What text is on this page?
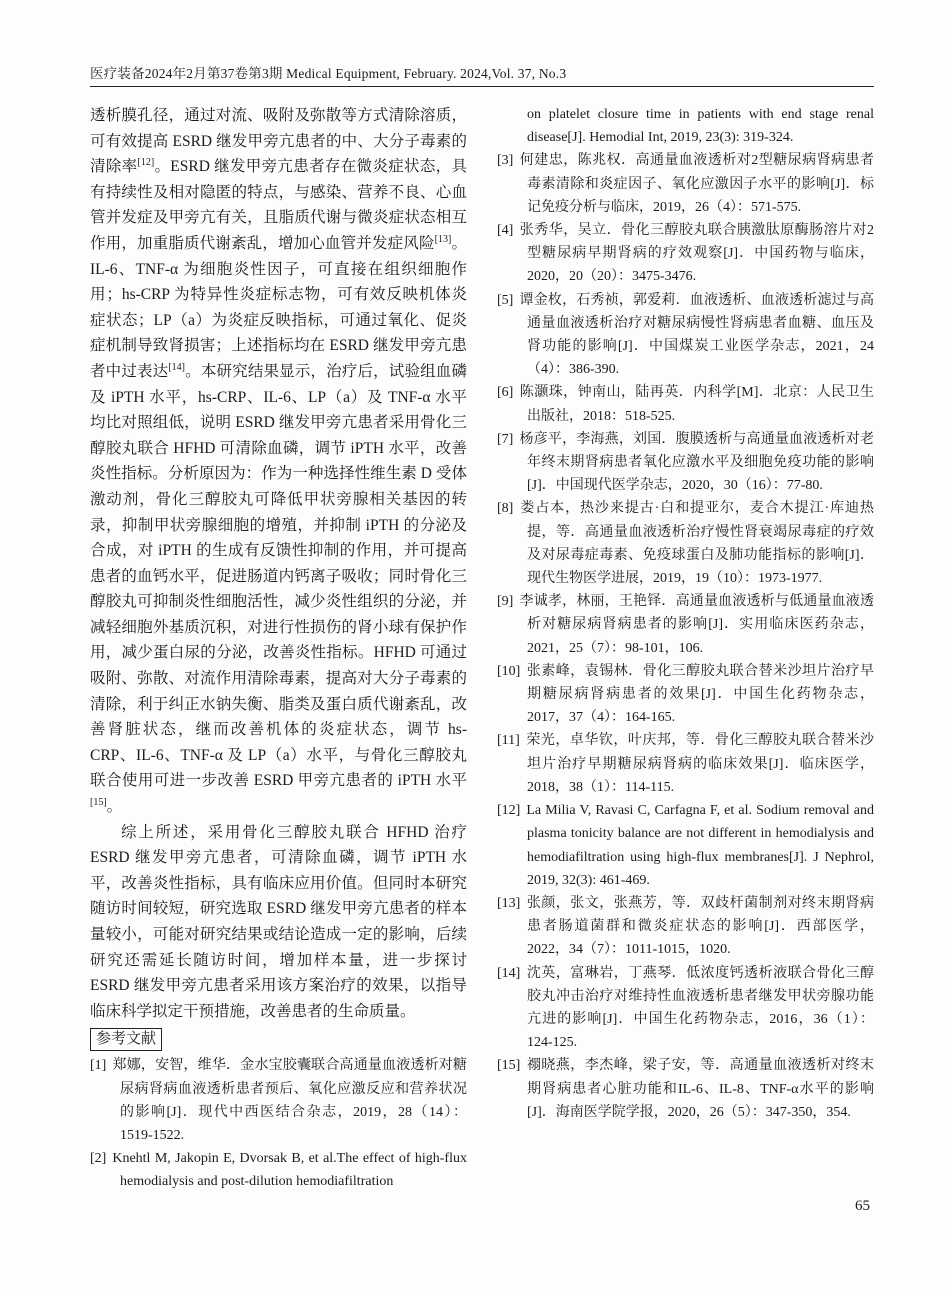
医疗装备2024年2月第37卷第3期 Medical Equipment, February. 2024,Vol. 37, No.3

透析膜孔径，通过对流、吸附及弥散等方式清除溶质，可有效提高 ESRD 继发甲旁亢患者的中、大分子毒素的清除率[12]。ESRD 继发甲旁亢患者存在微炎症状态，具有持续性及相对隐匿的特点，与感染、营养不良、心血管并发症及甲旁亢有关，且脂质代谢与微炎症状态相互作用，加重脂质代谢紊乱，增加心血管并发症风险[13]。IL-6、TNF-α 为细胞炎性因子，可直接在组织细胞作用；hs-CRP 为特异性炎症标志物，可有效反映机体炎症状态；LP（a）为炎症反映指标，可通过氧化、促炎症机制导致肾损害；上述指标均在 ESRD 继发甲旁亢患者中过表达[14]。本研究结果显示，治疗后，试验组血磷及 iPTH 水平，hs-CRP、IL-6、LP（a）及 TNF-α 水平均比对照组低，说明 ESRD 继发甲旁亢患者采用骨化三醇胶丸联合 HFHD 可清除血磷，调节 iPTH 水平，改善炎性指标。分析原因为：作为一种选择性维生素 D 受体激动剂，骨化三醇胶丸可降低甲状旁腺相关基因的转录，抑制甲状旁腺细胞的增殖，并抑制 iPTH 的分泌及合成，对 iPTH 的生成有反馈性抑制的作用，并可提高患者的血钙水平，促进肠道内钙离子吸收；同时骨化三醇胶丸可抑制炎性细胞活性，减少炎性组织的分泌，并减轻细胞外基质沉积，对进行性损伤的肾小球有保护作用，减少蛋白尿的分泌，改善炎性指标。HFHD 可通过吸附、弥散、对流作用清除毒素，提高对大分子毒素的清除，利于纠正水钠失衡、脂类及蛋白质代谢紊乱，改善肾脏状态，继而改善机体的炎症状态，调节 hs-CRP、IL-6、TNF-α 及 LP（a）水平，与骨化三醇胶丸联合使用可进一步改善 ESRD 甲旁亢患者的 iPTH 水平[15]。

综上所述，采用骨化三醇胶丸联合 HFHD 治疗 ESRD 继发甲旁亢患者，可清除血磷，调节 iPTH 水平，改善炎性指标，具有临床应用价值。但同时本研究随访时间较短，研究选取 ESRD 继发甲旁亢患者的样本量较小，可能对研究结果或结论造成一定的影响，后续研究还需延长随访时间，增加样本量，进一步探讨 ESRD 继发甲旁亢患者采用该方案治疗的效果，以指导临床科学拟定干预措施，改善患者的生命质量。

参考文献
[1] 郑娜，安智，维华．金水宝胶囊联合高通量血液透析对糖尿病肾病血液透析患者预后、氧化应激反应和营养状况的影响[J]．现代中西医结合杂志，2019，28（14）：1519-1522.
[2] Knehtl M, Jakopin E, Dvorsak B, et al.The effect of high-flux hemodialysis and post-dilution hemodiafiltration
on platelet closure time in patients with end stage renal disease[J]. Hemodial Int, 2019, 23(3): 319-324.
[3] 何建忠，陈兆权．高通量血液透析对2型糖尿病肾病患者毒素清除和炎症因子、氧化应激因子水平的影响[J]．标记免疫分析与临床，2019，26（4）：571-575.
[4] 张秀华，吴立．骨化三醇胶丸联合胰激肽原酶肠溶片对2型糖尿病早期肾病的疗效观察[J]．中国药物与临床，2020，20（20）：3475-3476.
[5] 谭金枚，石秀祯，郭爱莉．血液透析、血液透析滤过与高通量血液透析治疗对糖尿病慢性肾病患者血糖、血压及肾功能的影响[J]．中国煤炭工业医学杂志，2021，24（4）：386-390.
[6] 陈灏珠，钟南山，陆再英．内科学[M]．北京：人民卫生出版社，2018：518-525.
[7] 杨彦平，李海燕，刘国．腹膜透析与高通量血液透析对老年终末期肾病患者氧化应激水平及细胞免疫功能的影响[J]．中国现代医学杂志，2020，30（16）：77-80.
[8] 娄占本，热沙来提古·白和提亚尔，麦合木提江·库迪热提，等．高通量血液透析治疗慢性肾衰竭尿毒症的疗效及对尿毒症毒素、免疫球蛋白及肺功能指标的影响[J]．现代生物医学进展，2019，19（10）：1973-1977.
[9] 李诚孝，林丽，王艳铎．高通量血液透析与低通量血液透析对糖尿病肾病患者的影响[J]．实用临床医药杂志，2021，25（7）：98-101，106.
[10] 张素峰，袁锡林．骨化三醇胶丸联合替米沙坦片治疗早期糖尿病肾病患者的效果[J]．中国生化药物杂志，2017，37（4）：164-165.
[11] 荣光，卓华钦，叶庆邦，等．骨化三醇胶丸联合替米沙坦片治疗早期糖尿病肾病的临床效果[J]．临床医学，2018，38（1）：114-115.
[12] La Milia V, Ravasi C, Carfagna F, et al. Sodium removal and plasma tonicity balance are not different in hemodialysis and hemodiafiltration using high-flux membranes[J]. J Nephrol, 2019, 32(3): 461-469.
[13] 张颜，张文，张燕芳，等．双歧杆菌制剂对终末期肾病患者肠道菌群和微炎症状态的影响[J]．西部医学，2022，34（7）：1011-1015，1020.
[14] 沈英，富琳岩，丁燕琴．低浓度钙透析液联合骨化三醇胶丸冲击治疗对维持性血液透析患者继发甲状旁腺功能亢进的影响[J]．中国生化药物杂志，2016，36（1）：124-125.
[15] 禤晓燕，李杰峰，梁子安，等．高通量血液透析对终末期肾病患者心脏功能和IL-6、IL-8、TNF-α水平的影响[J]．海南医学院学报，2020，26（5）：347-350，354.
65
